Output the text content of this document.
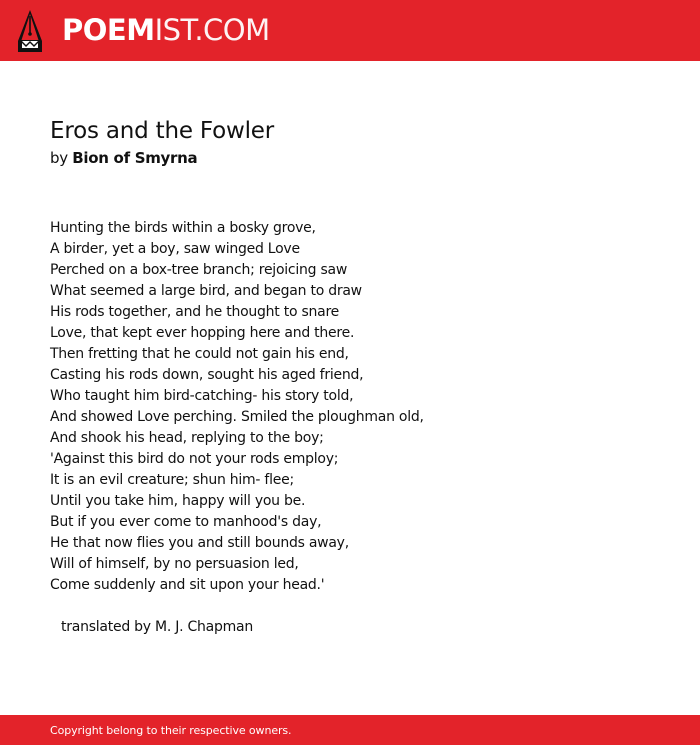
POEM IST.COM
Eros and the Fowler
by Bion of Smyrna
Hunting the birds within a bosky grove,
A birder, yet a boy, saw winged Love
Perched on a box-tree branch; rejoicing saw
What seemed a large bird, and began to draw
His rods together, and he thought to snare
Love, that kept ever hopping here and there.
Then fretting that he could not gain his end,
Casting his rods down, sought his aged friend,
Who taught him bird-catching- his story told,
And showed Love perching. Smiled the ploughman old,
And shook his head, replying to the boy;
'Against this bird do not your rods employ;
It is an evil creature; shun him- flee;
Until you take him, happy will you be.
But if you ever come to manhood's day,
He that now flies you and still bounds away,
Will of himself, by no persuasion led,
Come suddenly and sit upon your head.'

translated by M. J. Chapman

Copyright belong to their respective owners.
